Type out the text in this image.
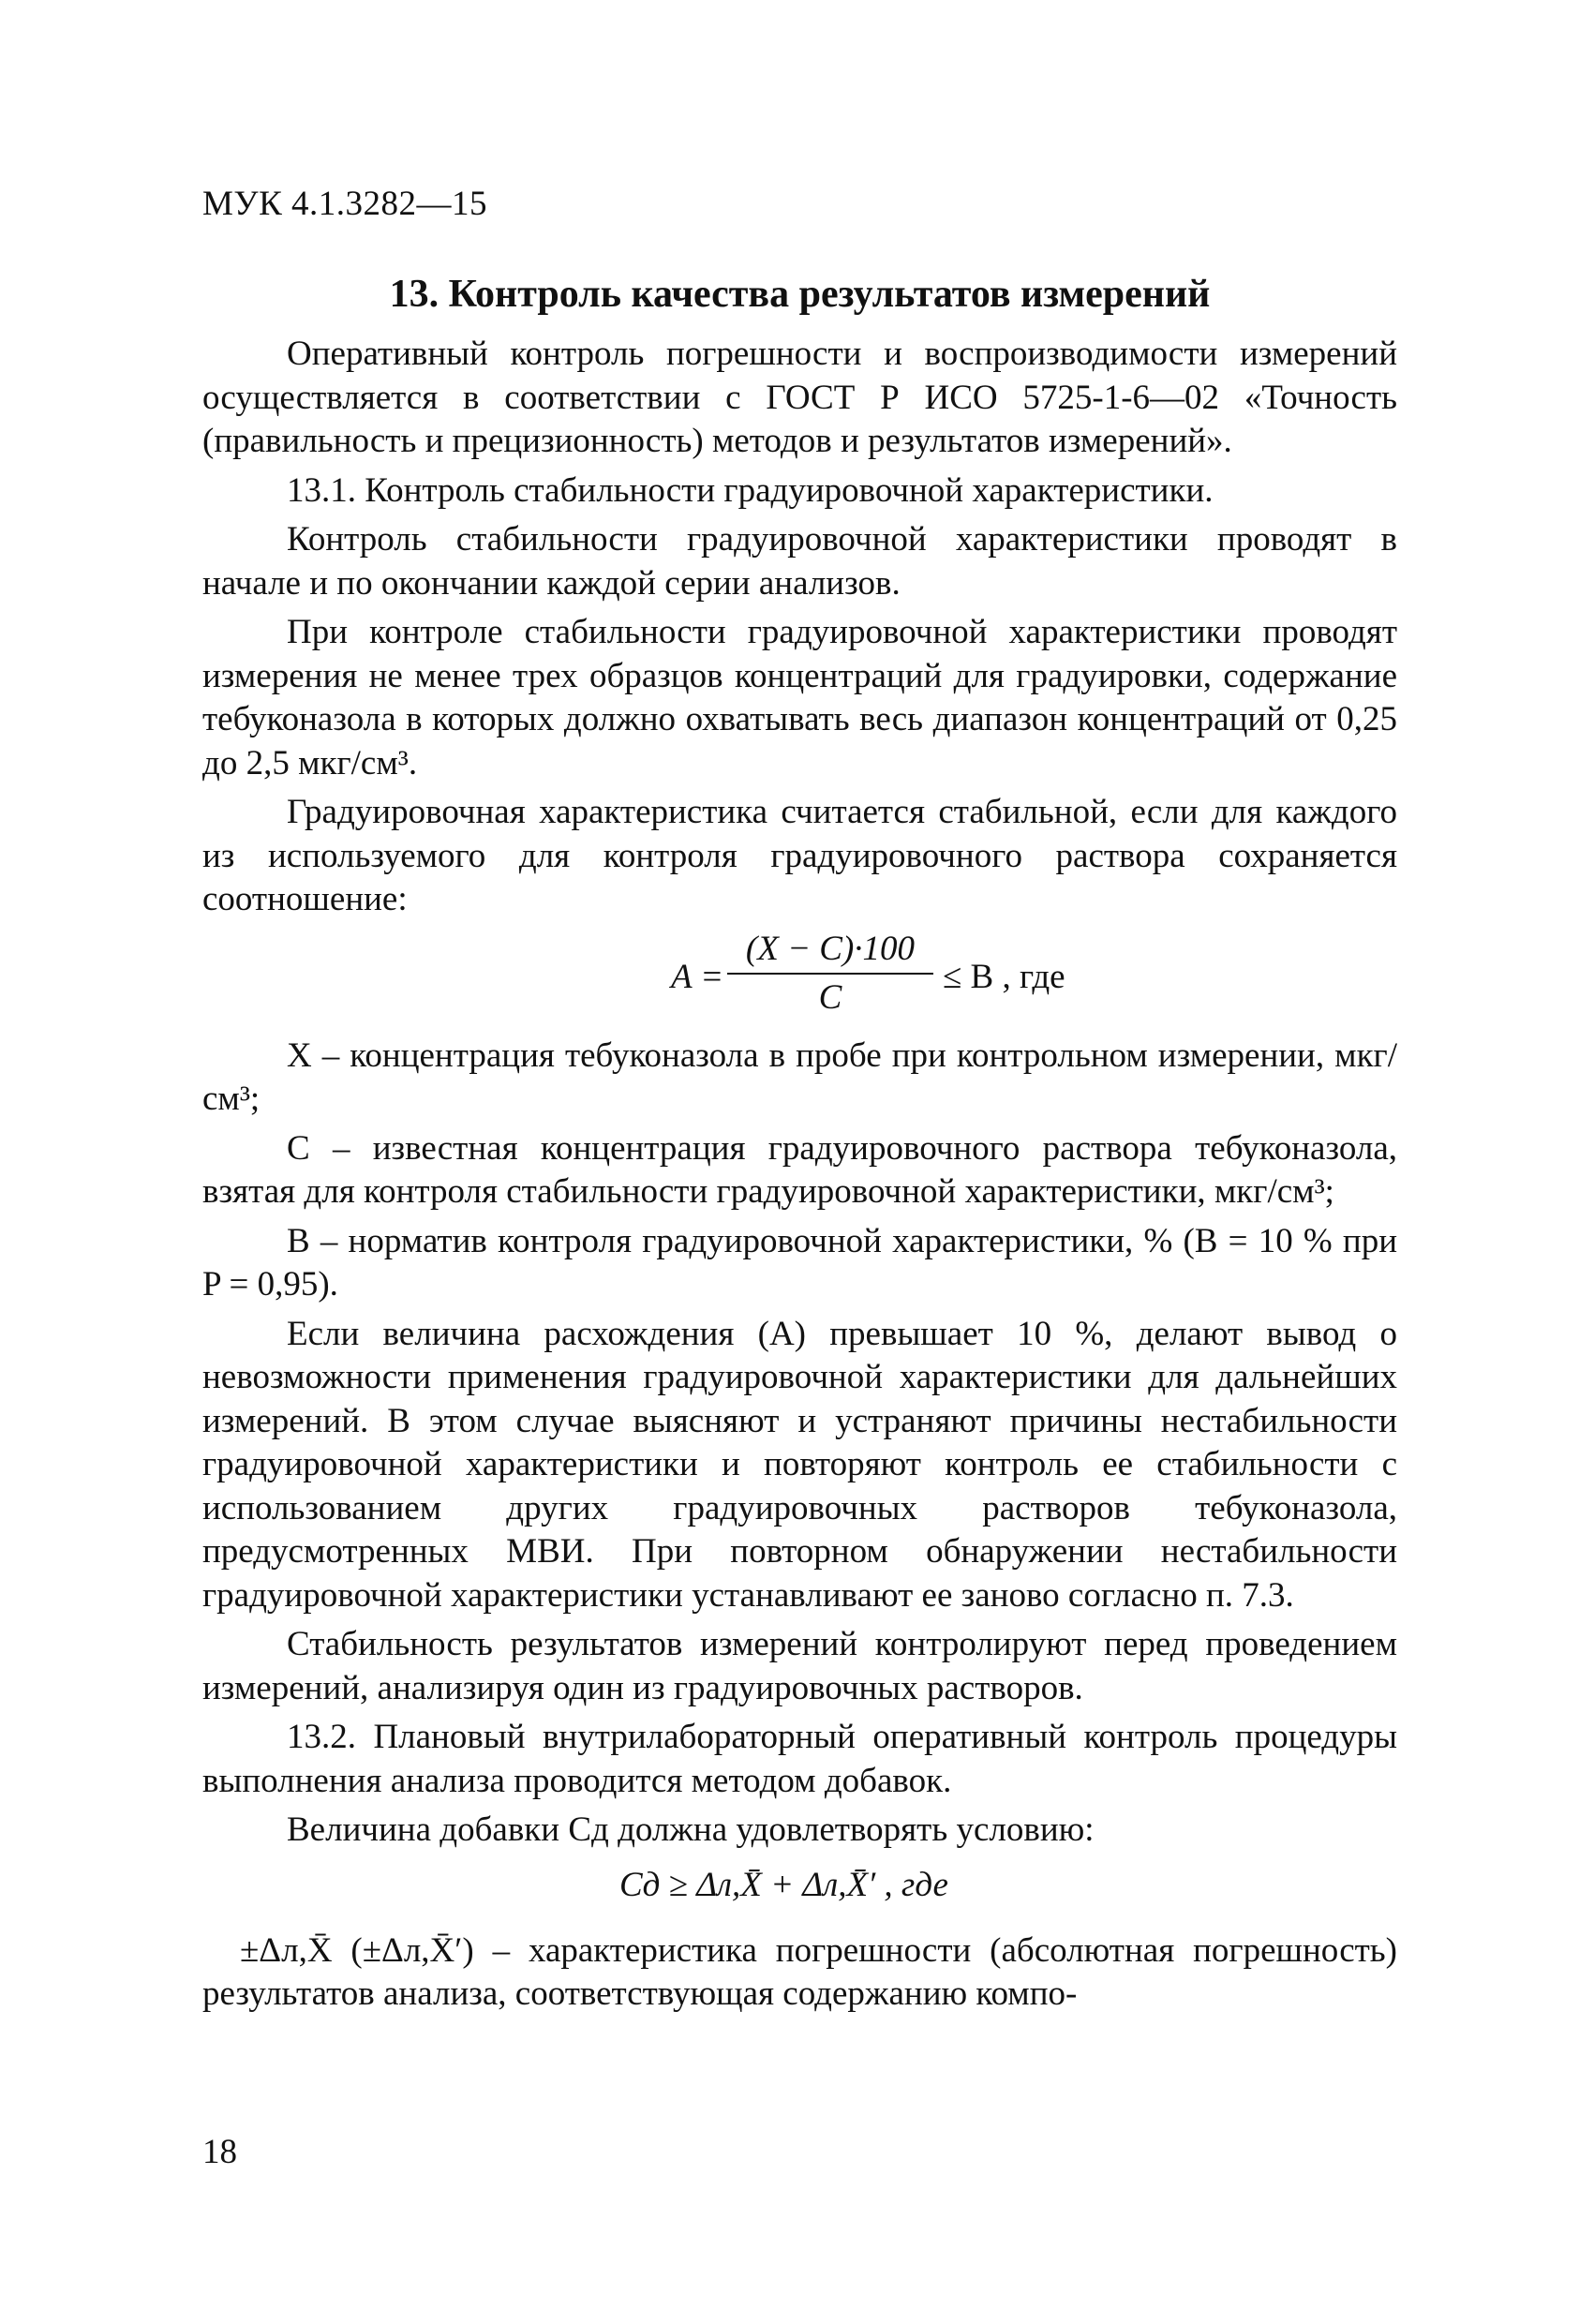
МУК 4.1.3282—15
13. Контроль качества результатов измерений

Оперативный контроль погрешности и воспроизводимости измерений осуществляется в соответствии с ГОСТ Р ИСО 5725-1-6—02 «Точность (правильность и прецизионность) методов и результатов измерений».

13.1. Контроль стабильности градуировочной характеристики.

Контроль стабильности градуировочной характеристики проводят в начале и по окончании каждой серии анализов.

При контроле стабильности градуировочной характеристики проводят измерения не менее трех образцов концентраций для градуировки, содержание тебуконазола в которых должно охватывать весь диапазон концентраций от 0,25 до 2,5 мкг/см³.

Градуировочная характеристика считается стабильной, если для каждого из используемого для контроля градуировочного раствора сохраняется соотношение:

$A = \frac{(X - C)\cdot 100}{C} \le B$ , где

X – концентрация тебуконазола в пробе при контрольном измерении, мкг/см³;

C – известная концентрация градуировочного раствора тебуконазола, взятая для контроля стабильности градуировочной характеристики, мкг/см³;

B – норматив контроля градуировочной характеристики, % (B = 10 % при P = 0,95).

Если величина расхождения (A) превышает 10 %, делают вывод о невозможности применения градуировочной характеристики для дальнейших измерений. В этом случае выясняют и устраняют причины нестабильности градуировочной характеристики и повторяют контроль ее стабильности с использованием других градуировочных растворов тебуконазола, предусмотренных МВИ. При повторном обнаружении нестабильности градуировочной характеристики устанавливают ее заново согласно п. 7.3.

Стабильность результатов измерений контролируют перед проведением измерений, анализируя один из градуировочных растворов.

13.2. Плановый внутрилабораторный оперативный контроль процедуры выполнения анализа проводится методом добавок.

Величина добавки Cд должна удовлетворять условию:

Cд ≥ Δл,X̄ + Δл,X̄′ , где

±Δл,X̄ (±Δл,X̄′) – характеристика погрешности (абсолютная погрешность) результатов анализа, соответствующая содержанию компо-

18
